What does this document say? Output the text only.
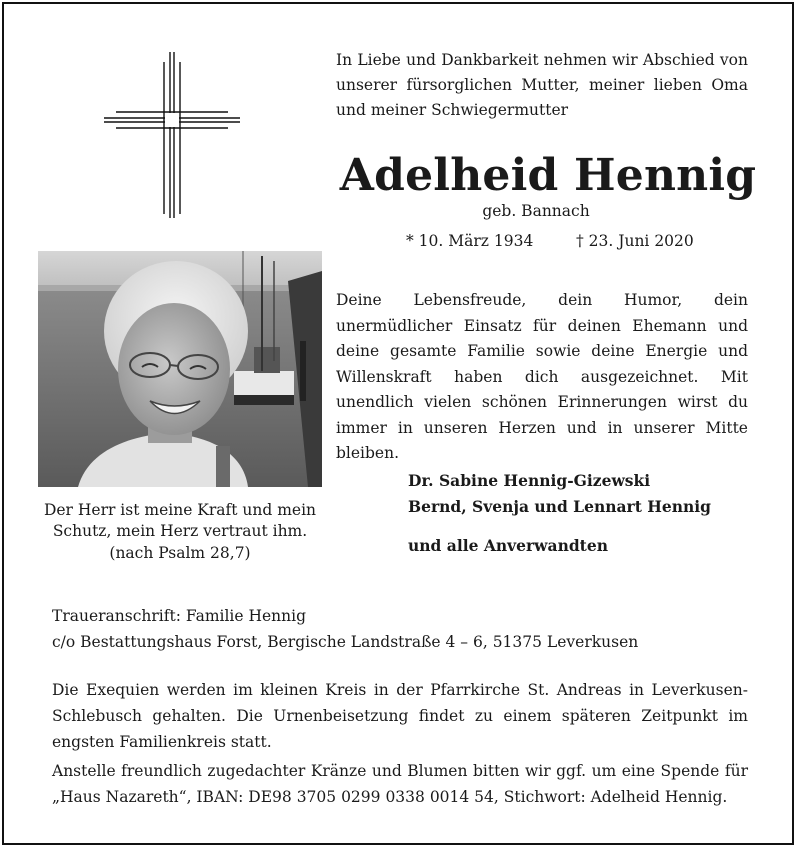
In Liebe und Dankbarkeit nehmen wir Abschied von unserer fürsorglichen Mutter, meiner lieben Oma und meiner Schwiegermutter
Adelheid Hennig
geb. Bannach
* 10. März 1934	† 23. Juni 2020
Der Herr ist meine Kraft und mein Schutz, mein Herz vertraut ihm.
(nach Psalm 28,7)
Deine Lebensfreude, dein Humor, dein unermüdlicher Einsatz für deinen Ehemann und deine gesamte Familie sowie deine Energie und Willenskraft haben dich ausgezeichnet. Mit unendlich vielen schönen Erinnerungen wirst du immer in unseren Herzen und in unserer Mitte bleiben.
Dr. Sabine Hennig-Gizewski
Bernd, Svenja und Lennart Hennig
und alle Anverwandten
Traueranschrift: Familie Hennig
c/o Bestattungshaus Forst, Bergische Landstraße 4 – 6, 51375 Leverkusen
Die Exequien werden im kleinen Kreis in der Pfarrkirche St. Andreas in Leverkusen-Schlebusch gehalten. Die Urnenbeisetzung findet zu einem späteren Zeitpunkt im engsten Familienkreis statt.
Anstelle freundlich zugedachter Kränze und Blumen bitten wir ggf. um eine Spende für „Haus Nazareth“, IBAN: DE98 3705 0299 0338 0014 54, Stichwort: Adelheid Hennig.
